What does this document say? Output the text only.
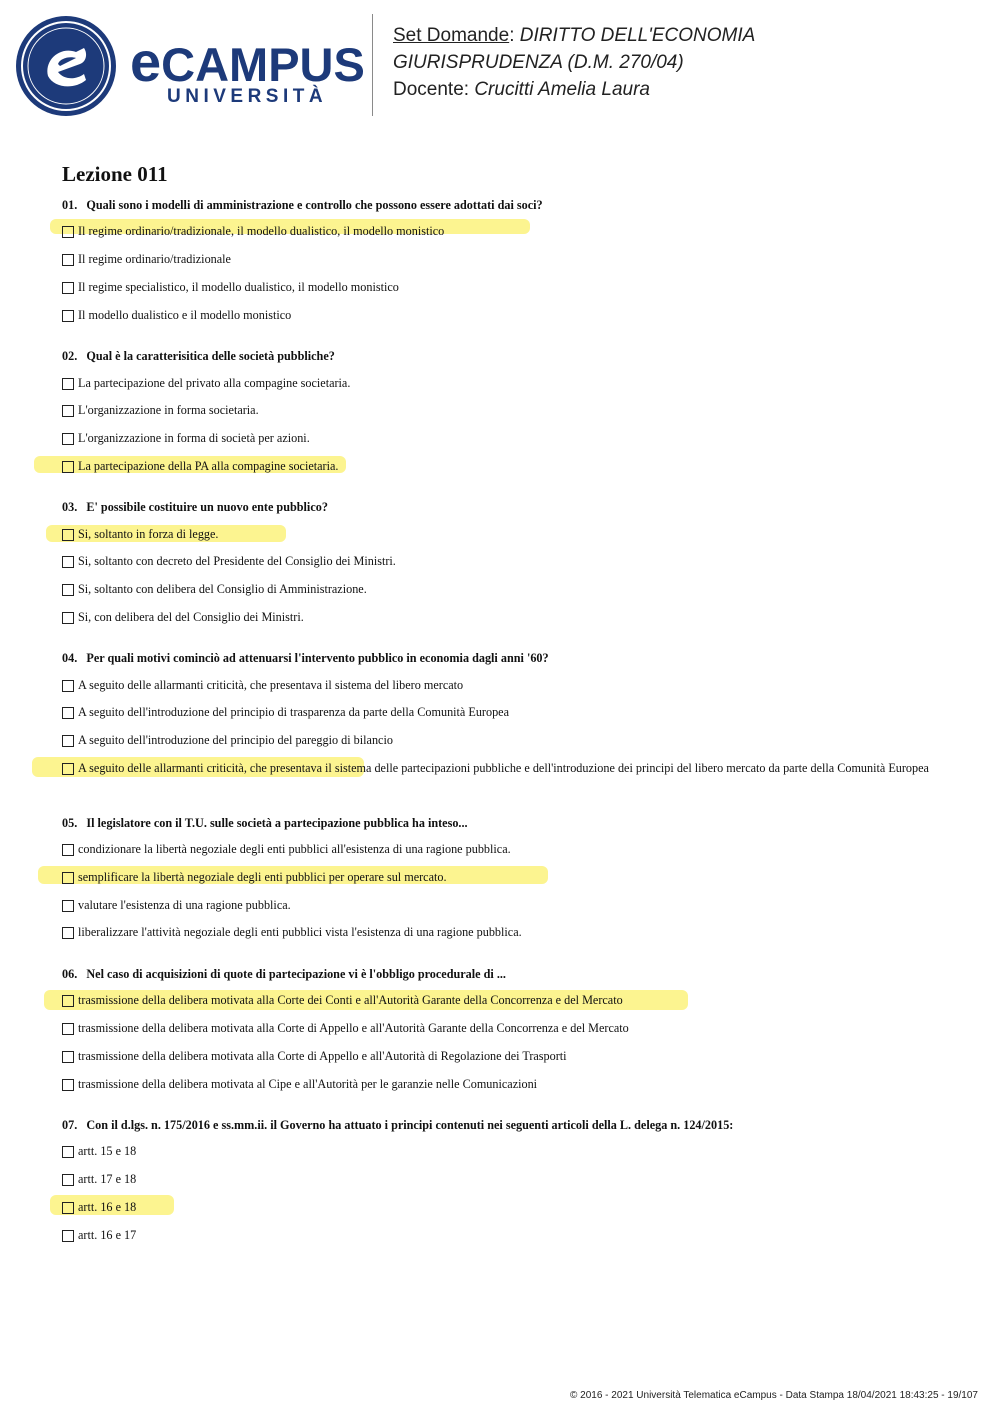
eCAMPUS
UNIVERSITÀ
Set Domande: DIRITTO DELL'ECONOMIA
GIURISPRUDENZA (D.M. 270/04)
Docente: Crucitti Amelia Laura
Lezione 011
01. Quali sono i modelli di amministrazione e controllo che possono essere adottati dai soci?
Il regime ordinario/tradizionale, il modello dualistico, il modello monistico
Il regime ordinario/tradizionale
Il regime specialistico, il modello dualistico, il modello monistico
Il modello dualistico e il modello monistico
02. Qual è la caratterisitica delle società pubbliche?
La partecipazione del privato alla compagine societaria.
L'organizzazione in forma societaria.
L'organizzazione in forma di società per azioni.
La partecipazione della PA alla compagine societaria.
03. E' possibile costituire un nuovo ente pubblico?
Si, soltanto in forza di legge.
Si, soltanto con decreto del Presidente del Consiglio dei Ministri.
Si, soltanto con delibera del Consiglio di Amministrazione.
Si, con delibera del del Consiglio dei Ministri.
04. Per quali motivi cominciò ad attenuarsi l'intervento pubblico in economia dagli anni '60?
A seguito delle allarmanti criticità, che presentava il sistema del libero mercato
A seguito dell'introduzione del principio di trasparenza da parte della Comunità Europea
A seguito dell'introduzione del principio del pareggio di bilancio
A seguito delle allarmanti criticità, che presentava il sistema delle partecipazioni pubbliche e dell'introduzione dei principi del libero mercato da parte della Comunità Europea
05. Il legislatore con il T.U. sulle società a partecipazione pubblica ha inteso...
condizionare la libertà negoziale degli enti pubblici all'esistenza di una ragione pubblica.
semplificare la libertà negoziale degli enti pubblici per operare sul mercato.
valutare l'esistenza di una ragione pubblica.
liberalizzare l'attività negoziale degli enti pubblici vista l'esistenza di una ragione pubblica.
06. Nel caso di acquisizioni di quote di partecipazione vi è l'obbligo procedurale di ...
trasmissione della delibera motivata alla Corte dei Conti e all'Autorità Garante della Concorrenza e del Mercato
trasmissione della delibera motivata alla Corte di Appello e all'Autorità Garante della Concorrenza e del Mercato
trasmissione della delibera motivata alla Corte di Appello e all'Autorità di Regolazione dei Trasporti
trasmissione della delibera motivata al Cipe e all'Autorità per le garanzie nelle Comunicazioni
07. Con il d.lgs. n. 175/2016 e ss.mm.ii. il Governo ha attuato i principi contenuti nei seguenti articoli della L. delega n. 124/2015:
artt. 15 e 18
artt. 17 e 18
artt. 16 e 18
artt. 16 e 17
© 2016 - 2021 Università Telematica eCampus - Data Stampa 18/04/2021 18:43:25 - 19/107
